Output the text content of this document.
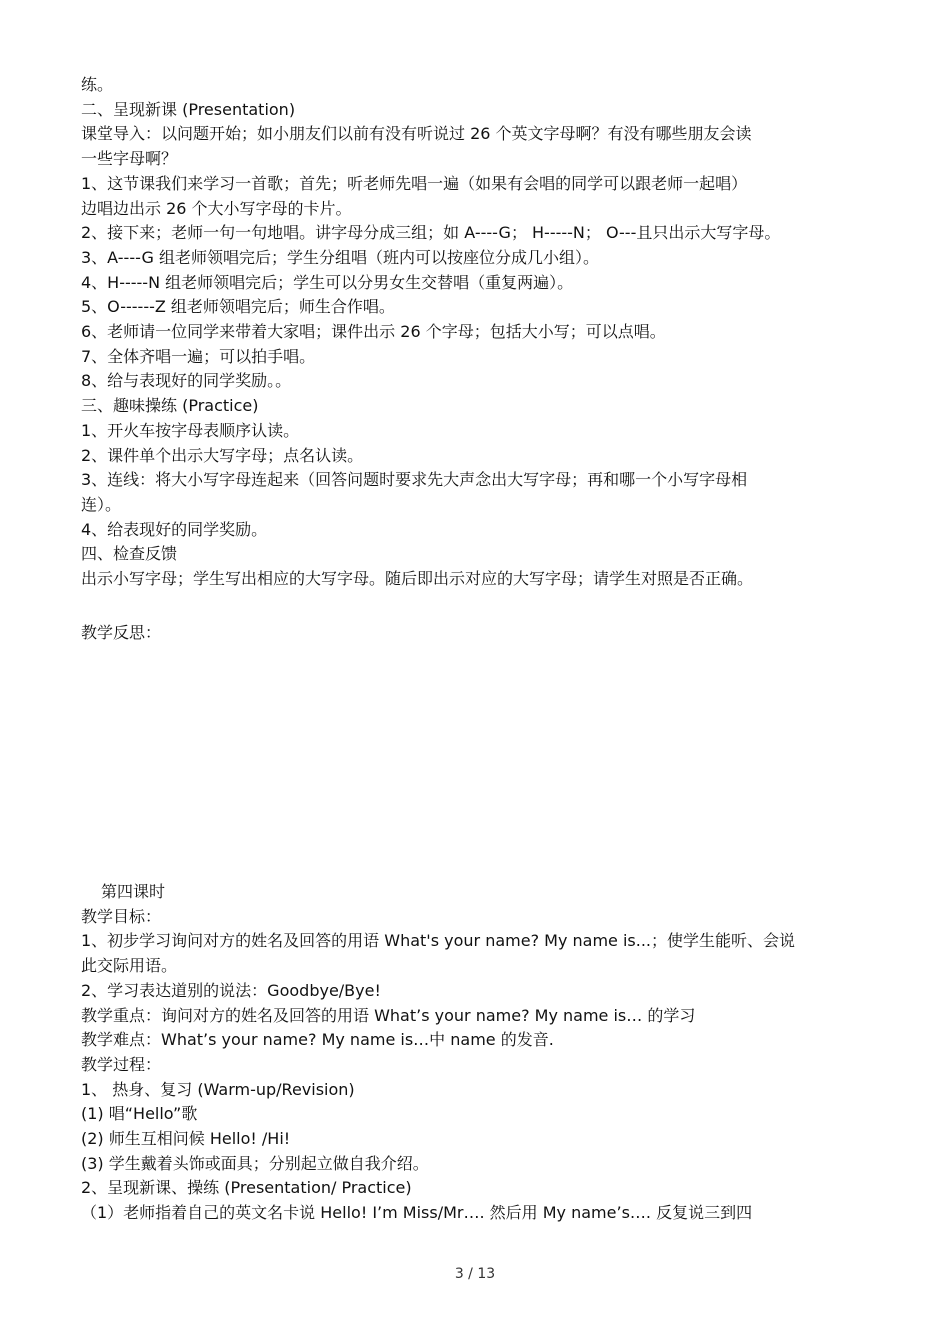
练。
二、呈现新课 (Presentation)
课堂导入：以问题开始；如小朋友们以前有没有听说过 26 个英文字母啊？有没有哪些朋友会读
一些字母啊？
1、这节课我们来学习一首歌；首先；听老师先唱一遍（如果有会唱的同学可以跟老师一起唱）
边唱边出示 26 个大小写字母的卡片。
2、接下来；老师一句一句地唱。讲字母分成三组；如 A----G； H-----N； O---且只出示大写字母。
3、A----G 组老师领唱完后；学生分组唱（班内可以按座位分成几小组）。
4、H-----N 组老师领唱完后；学生可以分男女生交替唱（重复两遍）。
5、O------Z 组老师领唱完后；师生合作唱。
6、老师请一位同学来带着大家唱；课件出示 26 个字母；包括大小写；可以点唱。
7、全体齐唱一遍；可以拍手唱。
8、给与表现好的同学奖励。。
三、趣味操练 (Practice)
1、开火车按字母表顺序认读。
2、课件单个出示大写字母；点名认读。
3、连线：将大小写字母连起来（回答问题时要求先大声念出大写字母；再和哪一个小写字母相
连）。
4、给表现好的同学奖励。
四、检查反馈
出示小写字母；学生写出相应的大写字母。随后即出示对应的大写字母；请学生对照是否正确。
教学反思：
第四课时
教学目标：
1、初步学习询问对方的姓名及回答的用语 What's your name? My name is...；使学生能听、会说
此交际用语。
2、学习表达道别的说法：Goodbye/Bye!
教学重点：询问对方的姓名及回答的用语 What’s your name? My name is… 的学习
教学难点：What’s your name? My name is…中 name 的发音.
教学过程：
1、 热身、复习 (Warm-up/Revision)
(1) 唱“Hello”歌
(2) 师生互相问候 Hello! /Hi!
(3) 学生戴着头饰或面具；分别起立做自我介绍。
2、呈现新课、操练 (Presentation/ Practice)
（1）老师指着自己的英文名卡说 Hello! I’m Miss/Mr…. 然后用 My name’s…. 反复说三到四
3 / 13
